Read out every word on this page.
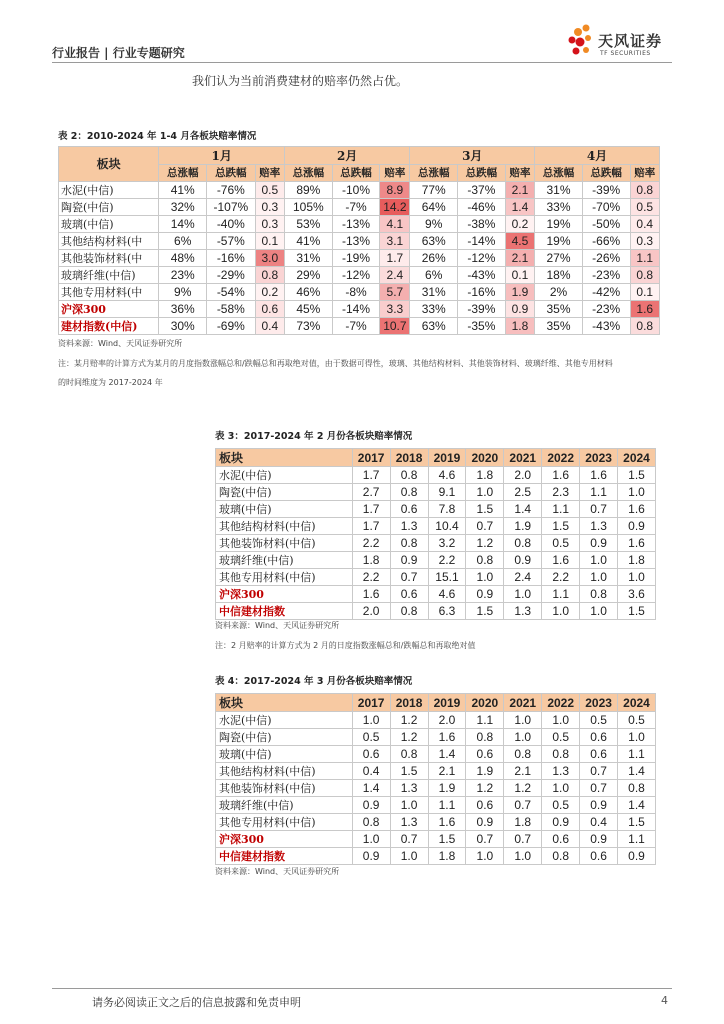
行业报告 | 行业专题研究
天风证券
TF SECURITIES
我们认为当前消费建材的赔率仍然占优。
表 2：2010-2024 年 1-4 月各板块赔率情况
板块	1月			2月			3月			4月		
	总涨幅	总跌幅	赔率	总涨幅	总跌幅	赔率	总涨幅	总跌幅	赔率	总涨幅	总跌幅	赔率
水泥(中信)	41%	-76%	0.5	89%	-10%	8.9	77%	-37%	2.1	31%	-39%	0.8
陶瓷(中信)	32%	-107%	0.3	105%	-7%	14.2	64%	-46%	1.4	33%	-70%	0.5
玻璃(中信)	14%	-40%	0.3	53%	-13%	4.1	9%	-38%	0.2	19%	-50%	0.4
其他结构材料(中	6%	-57%	0.1	41%	-13%	3.1	63%	-14%	4.5	19%	-66%	0.3
其他装饰材料(中	48%	-16%	3.0	31%	-19%	1.7	26%	-12%	2.1	27%	-26%	1.1
玻璃纤维(中信)	23%	-29%	0.8	29%	-12%	2.4	6%	-43%	0.1	18%	-23%	0.8
其他专用材料(中	9%	-54%	0.2	46%	-8%	5.7	31%	-16%	1.9	2%	-42%	0.1
沪深300	36%	-58%	0.6	45%	-14%	3.3	33%	-39%	0.9	35%	-23%	1.6
建材指数(中信)	30%	-69%	0.4	73%	-7%	10.7	63%	-35%	1.8	35%	-43%	0.8
资料来源：Wind、天风证券研究所
注：某月赔率的计算方式为某月的月度指数涨幅总和/跌幅总和再取绝对值，由于数据可得性，玻璃、其他结构材料、其他装饰材料、玻璃纤维、其他专用材料
的时间维度为 2017-2024 年
表 3：2017-2024 年 2 月份各板块赔率情况
板块	2017	2018	2019	2020	2021	2022	2023	2024
水泥(中信)	1.7	0.8	4.6	1.8	2.0	1.6	1.6	1.5
陶瓷(中信)	2.7	0.8	9.1	1.0	2.5	2.3	1.1	1.0
玻璃(中信)	1.7	0.6	7.8	1.5	1.4	1.1	0.7	1.6
其他结构材料(中信)	1.7	1.3	10.4	0.7	1.9	1.5	1.3	0.9
其他装饰材料(中信)	2.2	0.8	3.2	1.2	0.8	0.5	0.9	1.6
玻璃纤维(中信)	1.8	0.9	2.2	0.8	0.9	1.6	1.0	1.8
其他专用材料(中信)	2.2	0.7	15.1	1.0	2.4	2.2	1.0	1.0
沪深300	1.6	0.6	4.6	0.9	1.0	1.1	0.8	3.6
中信建材指数	2.0	0.8	6.3	1.5	1.3	1.0	1.0	1.5
资料来源：Wind、天风证券研究所
注：2 月赔率的计算方式为 2 月的日度指数涨幅总和/跌幅总和再取绝对值
表 4：2017-2024 年 3 月份各板块赔率情况
板块	2017	2018	2019	2020	2021	2022	2023	2024
水泥(中信)	1.0	1.2	2.0	1.1	1.0	1.0	0.5	0.5
陶瓷(中信)	0.5	1.2	1.6	0.8	1.0	0.5	0.6	1.0
玻璃(中信)	0.6	0.8	1.4	0.6	0.8	0.8	0.6	1.1
其他结构材料(中信)	0.4	1.5	2.1	1.9	2.1	1.3	0.7	1.4
其他装饰材料(中信)	1.4	1.3	1.9	1.2	1.2	1.0	0.7	0.8
玻璃纤维(中信)	0.9	1.0	1.1	0.6	0.7	0.5	0.9	1.4
其他专用材料(中信)	0.8	1.3	1.6	0.9	1.8	0.9	0.4	1.5
沪深300	1.0	0.7	1.5	0.7	0.7	0.6	0.9	1.1
中信建材指数	0.9	1.0	1.8	1.0	1.0	0.8	0.6	0.9
资料来源：Wind、天风证券研究所
请务必阅读正文之后的信息披露和免责申明	4
